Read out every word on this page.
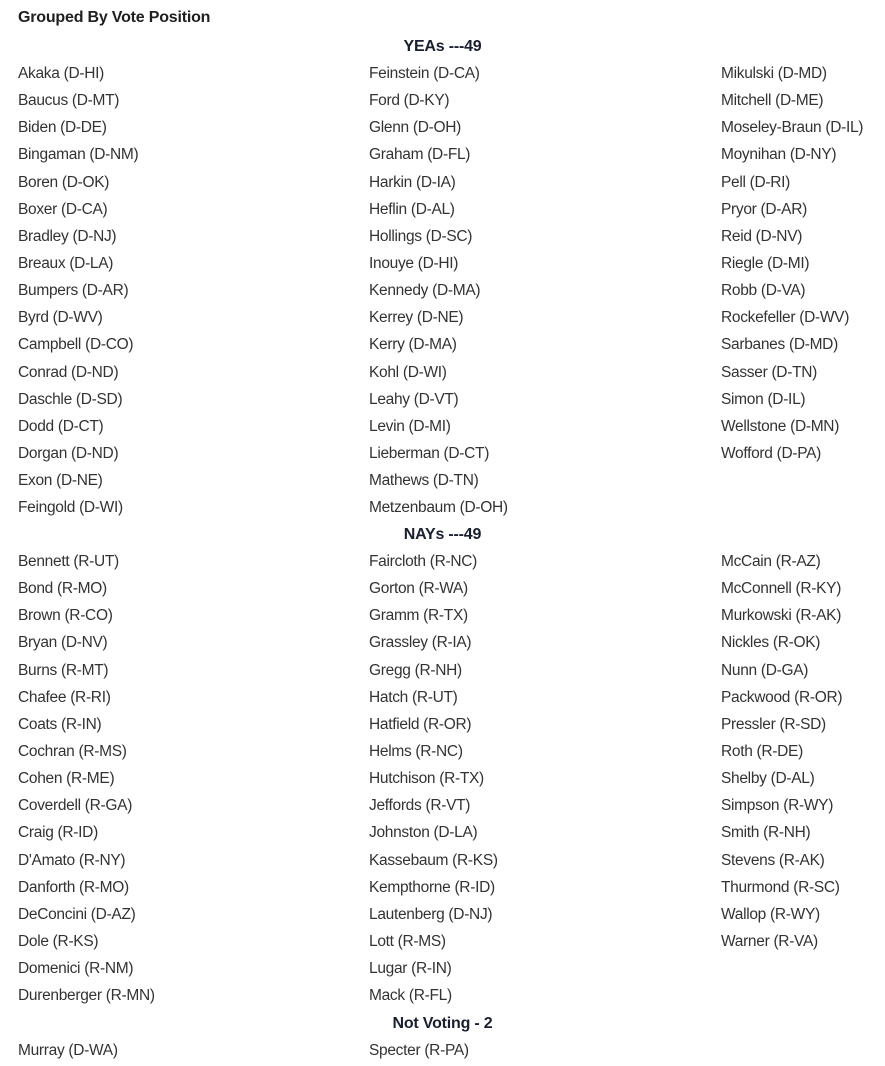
Grouped By Vote Position
YEAs ---49
Akaka (D-HI)
Baucus (D-MT)
Biden (D-DE)
Bingaman (D-NM)
Boren (D-OK)
Boxer (D-CA)
Bradley (D-NJ)
Breaux (D-LA)
Bumpers (D-AR)
Byrd (D-WV)
Campbell (D-CO)
Conrad (D-ND)
Daschle (D-SD)
Dodd (D-CT)
Dorgan (D-ND)
Exon (D-NE)
Feingold (D-WI)
Feinstein (D-CA)
Ford (D-KY)
Glenn (D-OH)
Graham (D-FL)
Harkin (D-IA)
Heflin (D-AL)
Hollings (D-SC)
Inouye (D-HI)
Kennedy (D-MA)
Kerrey (D-NE)
Kerry (D-MA)
Kohl (D-WI)
Leahy (D-VT)
Levin (D-MI)
Lieberman (D-CT)
Mathews (D-TN)
Metzenbaum (D-OH)
Mikulski (D-MD)
Mitchell (D-ME)
Moseley-Braun (D-IL)
Moynihan (D-NY)
Pell (D-RI)
Pryor (D-AR)
Reid (D-NV)
Riegle (D-MI)
Robb (D-VA)
Rockefeller (D-WV)
Sarbanes (D-MD)
Sasser (D-TN)
Simon (D-IL)
Wellstone (D-MN)
Wofford (D-PA)
NAYs ---49
Bennett (R-UT)
Bond (R-MO)
Brown (R-CO)
Bryan (D-NV)
Burns (R-MT)
Chafee (R-RI)
Coats (R-IN)
Cochran (R-MS)
Cohen (R-ME)
Coverdell (R-GA)
Craig (R-ID)
D'Amato (R-NY)
Danforth (R-MO)
DeConcini (D-AZ)
Dole (R-KS)
Domenici (R-NM)
Durenberger (R-MN)
Faircloth (R-NC)
Gorton (R-WA)
Gramm (R-TX)
Grassley (R-IA)
Gregg (R-NH)
Hatch (R-UT)
Hatfield (R-OR)
Helms (R-NC)
Hutchison (R-TX)
Jeffords (R-VT)
Johnston (D-LA)
Kassebaum (R-KS)
Kempthorne (R-ID)
Lautenberg (D-NJ)
Lott (R-MS)
Lugar (R-IN)
Mack (R-FL)
McCain (R-AZ)
McConnell (R-KY)
Murkowski (R-AK)
Nickles (R-OK)
Nunn (D-GA)
Packwood (R-OR)
Pressler (R-SD)
Roth (R-DE)
Shelby (D-AL)
Simpson (R-WY)
Smith (R-NH)
Stevens (R-AK)
Thurmond (R-SC)
Wallop (R-WY)
Warner (R-VA)
Not Voting - 2
Murray (D-WA)	Specter (R-PA)
